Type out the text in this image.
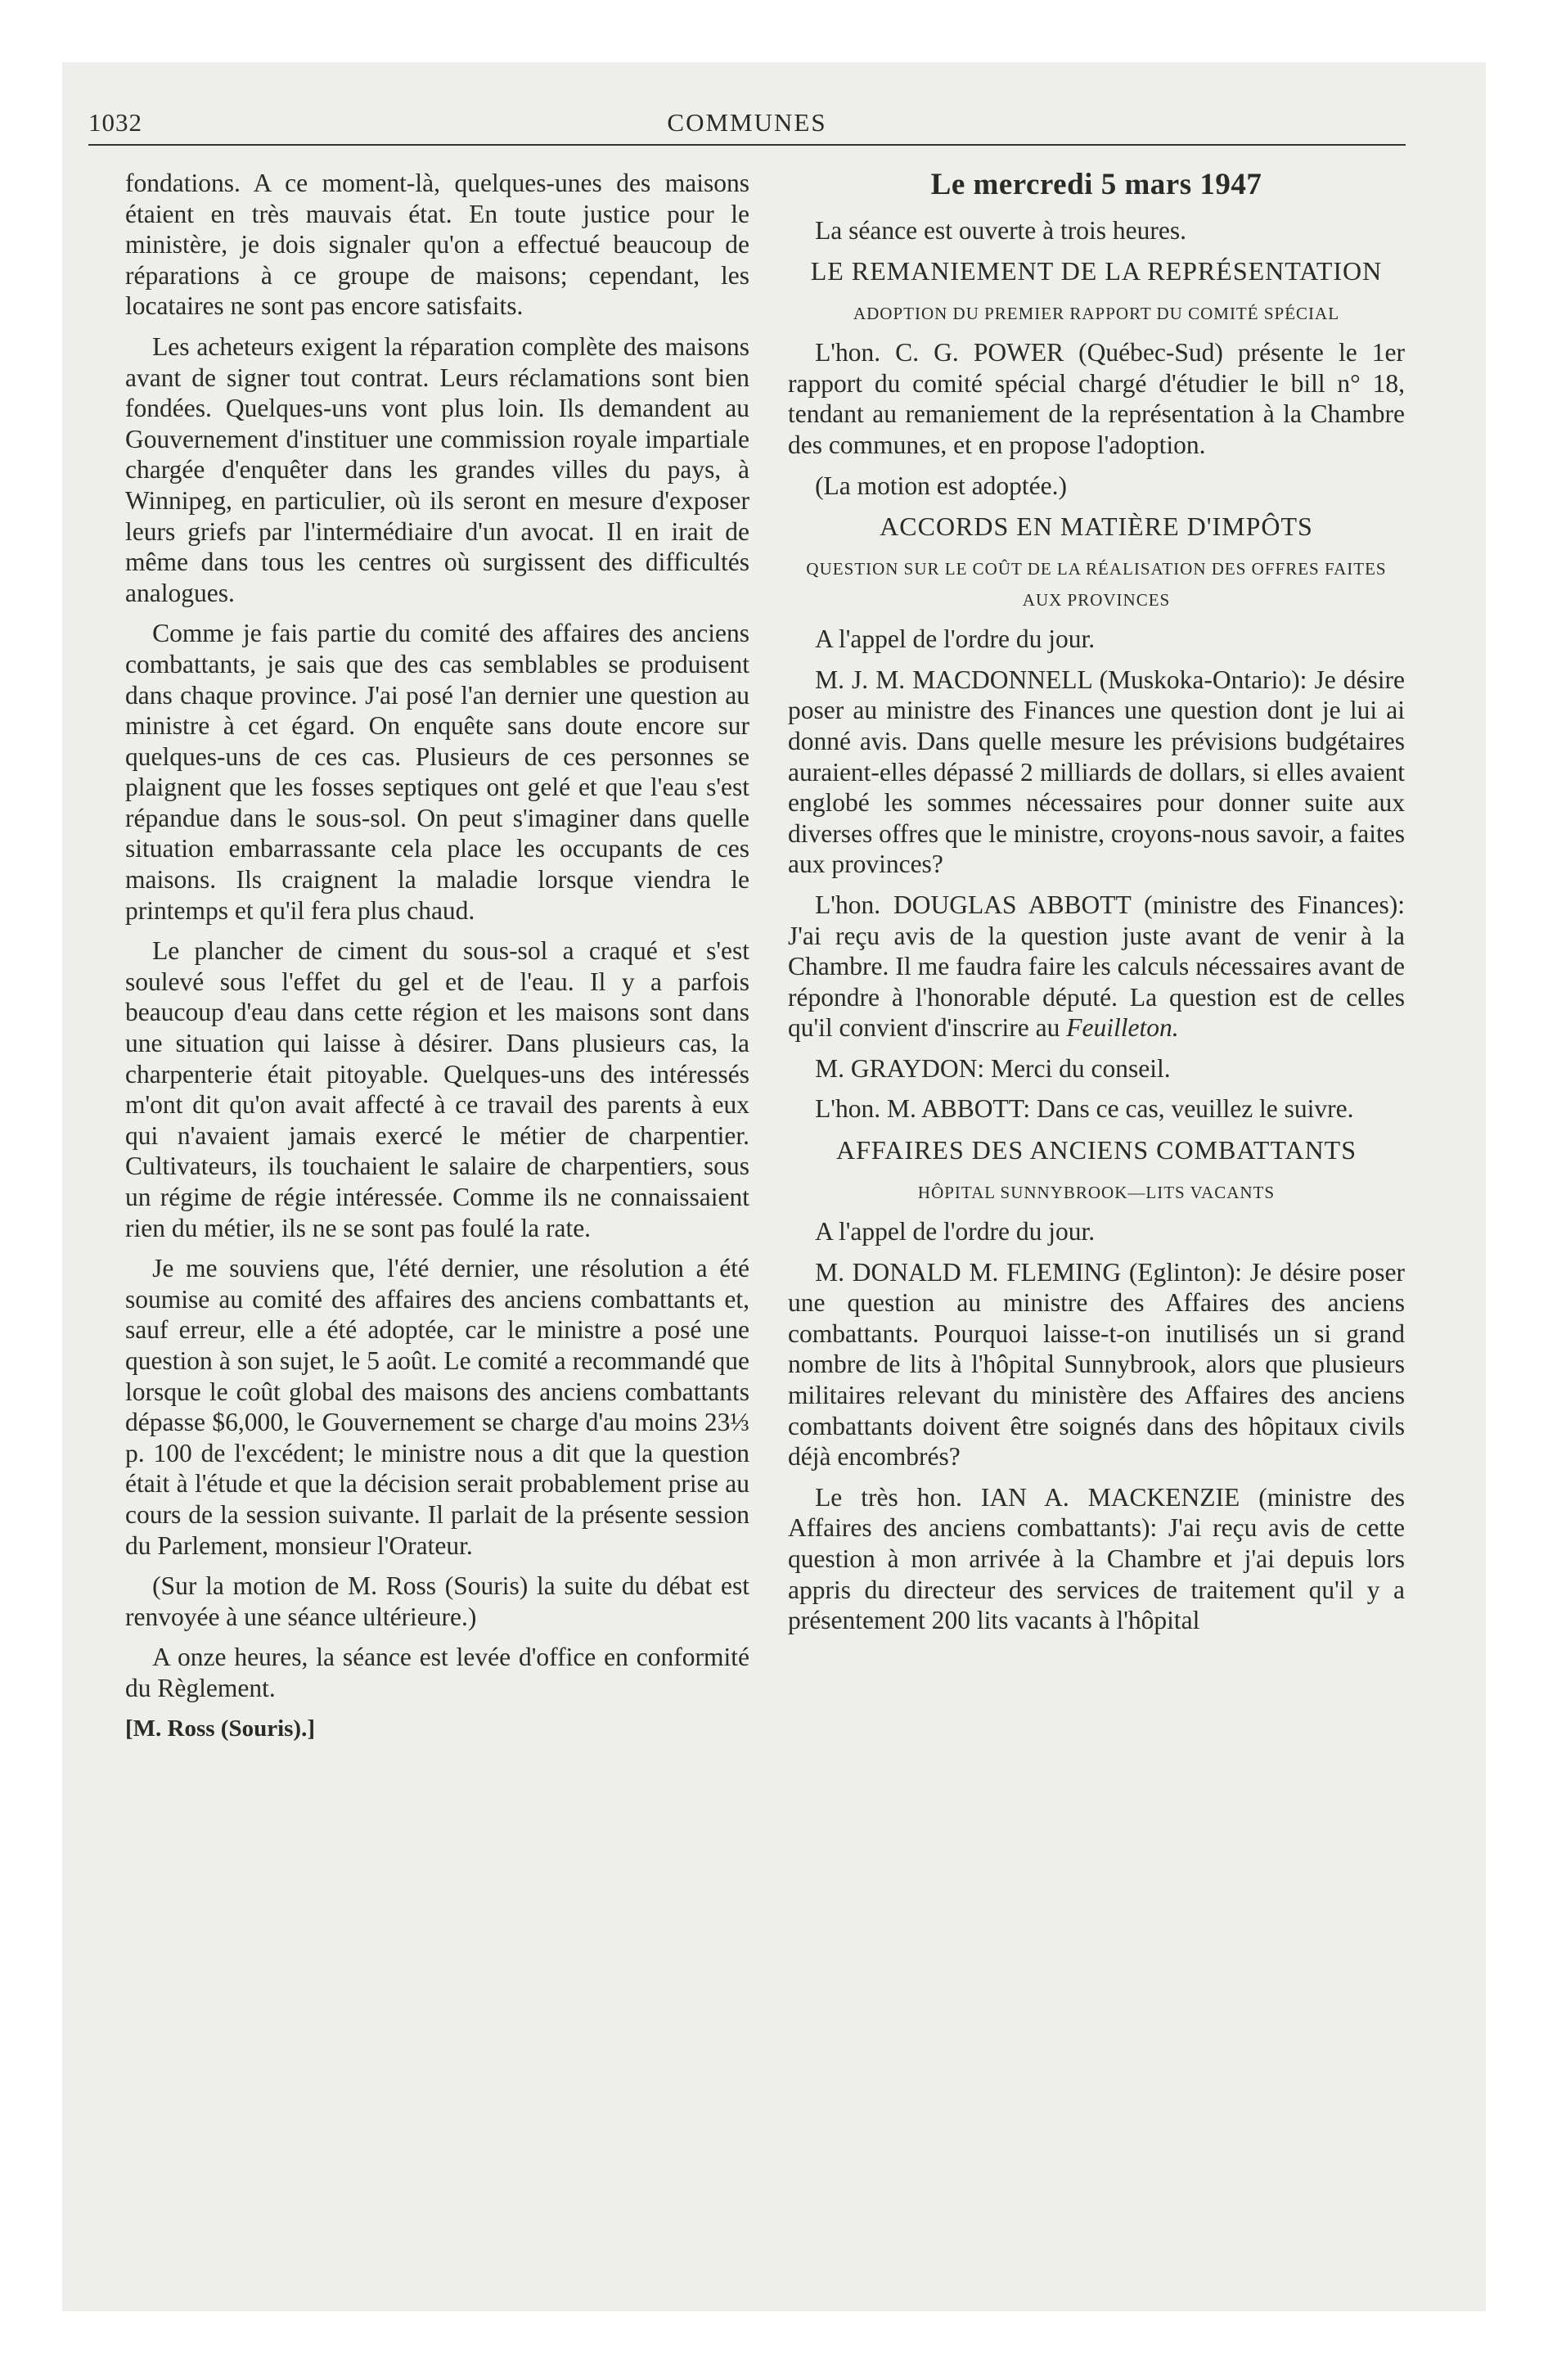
1032	COMMUNES

fondations. A ce moment-là, quelques-unes des maisons étaient en très mauvais état. En toute justice pour le ministère, je dois signaler qu'on a effectué beaucoup de réparations à ce groupe de maisons; cependant, les locataires ne sont pas encore satisfaits.

Les acheteurs exigent la réparation complète des maisons avant de signer tout contrat. Leurs réclamations sont bien fondées. Quelques-uns vont plus loin. Ils demandent au Gouvernement d'instituer une commission royale impartiale chargée d'enquêter dans les grandes villes du pays, à Winnipeg, en particulier, où ils seront en mesure d'exposer leurs griefs par l'intermédiaire d'un avocat. Il en irait de même dans tous les centres où surgissent des difficultés analogues.

Comme je fais partie du comité des affaires des anciens combattants, je sais que des cas semblables se produisent dans chaque province. J'ai posé l'an dernier une question au ministre à cet égard. On enquête sans doute encore sur quelques-uns de ces cas. Plusieurs de ces personnes se plaignent que les fosses septiques ont gelé et que l'eau s'est répandue dans le sous-sol. On peut s'imaginer dans quelle situation embarrassante cela place les occupants de ces maisons. Ils craignent la maladie lorsque viendra le printemps et qu'il fera plus chaud.

Le plancher de ciment du sous-sol a craqué et s'est soulevé sous l'effet du gel et de l'eau. Il y a parfois beaucoup d'eau dans cette région et les maisons sont dans une situation qui laisse à désirer. Dans plusieurs cas, la charpenterie était pitoyable. Quelques-uns des intéressés m'ont dit qu'on avait affecté à ce travail des parents à eux qui n'avaient jamais exercé le métier de charpentier. Cultivateurs, ils touchaient le salaire de charpentiers, sous un régime de régie intéressée. Comme ils ne connaissaient rien du métier, ils ne se sont pas foulé la rate.

Je me souviens que, l'été dernier, une résolution a été soumise au comité des affaires des anciens combattants et, sauf erreur, elle a été adoptée, car le ministre a posé une question à son sujet, le 5 août. Le comité a recommandé que lorsque le coût global des maisons des anciens combattants dépasse $6,000, le Gouvernement se charge d'au moins 23⅓ p. 100 de l'excédent; le ministre nous a dit que la question était à l'étude et que la décision serait probablement prise au cours de la session suivante. Il parlait de la présente session du Parlement, monsieur l'Orateur.

(Sur la motion de M. Ross (Souris) la suite du débat est renvoyée à une séance ultérieure.)

A onze heures, la séance est levée d'office en conformité du Règlement.

[M. Ross (Souris).]

Le mercredi 5 mars 1947

La séance est ouverte à trois heures.

LE REMANIEMENT DE LA REPRÉSENTATION
ADOPTION DU PREMIER RAPPORT DU COMITÉ SPÉCIAL

L'hon. C. G. POWER (Québec-Sud) présente le 1er rapport du comité spécial chargé d'étudier le bill n° 18, tendant au remaniement de la représentation à la Chambre des communes, et en propose l'adoption.

(La motion est adoptée.)

ACCORDS EN MATIÈRE D'IMPÔTS
QUESTION SUR LE COÛT DE LA RÉALISATION DES OFFRES FAITES AUX PROVINCES

A l'appel de l'ordre du jour.

M. J. M. MACDONNELL (Muskoka-Ontario): Je désire poser au ministre des Finances une question dont je lui ai donné avis. Dans quelle mesure les prévisions budgétaires auraient-elles dépassé 2 milliards de dollars, si elles avaient englobé les sommes nécessaires pour donner suite aux diverses offres que le ministre, croyons-nous savoir, a faites aux provinces?

L'hon. DOUGLAS ABBOTT (ministre des Finances): J'ai reçu avis de la question juste avant de venir à la Chambre. Il me faudra faire les calculs nécessaires avant de répondre à l'honorable député. La question est de celles qu'il convient d'inscrire au Feuilleton.

M. GRAYDON: Merci du conseil.

L'hon. M. ABBOTT: Dans ce cas, veuillez le suivre.

AFFAIRES DES ANCIENS COMBATTANTS
HÔPITAL SUNNYBROOK—LITS VACANTS

A l'appel de l'ordre du jour.

M. DONALD M. FLEMING (Eglinton): Je désire poser une question au ministre des Affaires des anciens combattants. Pourquoi laisse-t-on inutilisés un si grand nombre de lits à l'hôpital Sunnybrook, alors que plusieurs militaires relevant du ministère des Affaires des anciens combattants doivent être soignés dans des hôpitaux civils déjà encombrés?

Le très hon. IAN A. MACKENZIE (ministre des Affaires des anciens combattants): J'ai reçu avis de cette question à mon arrivée à la Chambre et j'ai depuis lors appris du directeur des services de traitement qu'il y a présentement 200 lits vacants à l'hôpital
